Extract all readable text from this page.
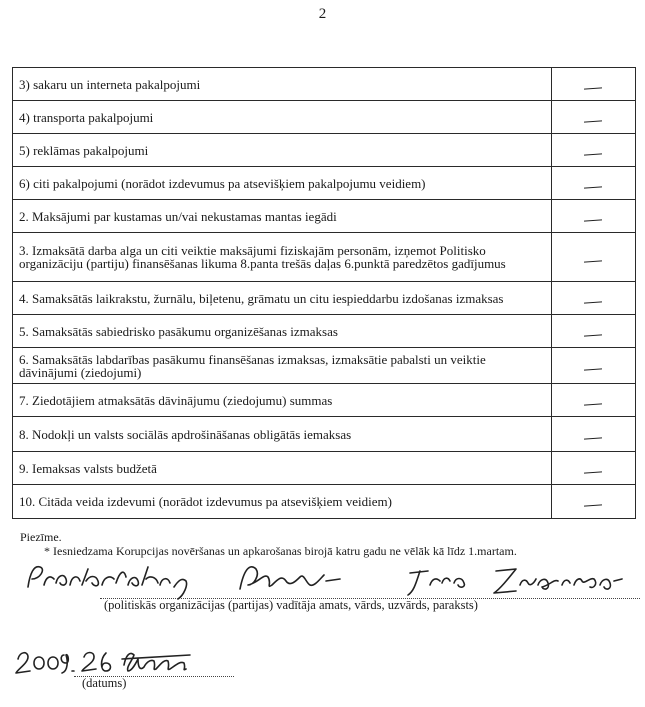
2
3) sakaru un interneta pakalpojumi	
4) transporta pakalpojumi	
5) reklāmas pakalpojumi	
6) citi pakalpojumi (norādot izdevumus pa atsevišķiem pakalpojumu veidiem)	
2. Maksājumi par kustamas un/vai nekustamas mantas iegādi	
3. Izmaksātā darba alga un citi veiktie maksājumi fiziskajām personām, izņemot Politisko organizāciju (partiju) finansēšanas likuma 8.panta trešās daļas 6.punktā paredzētos gadījumus	
4. Samaksātās laikrakstu, žurnālu, biļetenu, grāmatu un citu iespieddarbu izdošanas izmaksas	
5. Samaksātās sabiedrisko pasākumu organizēšanas izmaksas	
6. Samaksātās labdarības pasākumu finansēšanas izmaksas, izmaksātie pabalsti un veiktie dāvinājumi (ziedojumi)	
7. Ziedotājiem atmaksātās dāvinājumu (ziedojumu) summas	
8. Nodokļi un valsts sociālās apdrošināšanas obligātās iemaksas	
9. Iemaksas valsts budžetā	
10. Citāda veida izdevumi (norādot izdevumus pa atsevišķiem veidiem)	
Piezīme.
* Iesniedzama Korupcijas novēršanas un apkarošanas birojā katru gadu ne vēlāk kā līdz 1.martam.
(politiskās organizācijas (partijas) vadītāja amats, vārds, uzvārds, paraksts)
(datums)
